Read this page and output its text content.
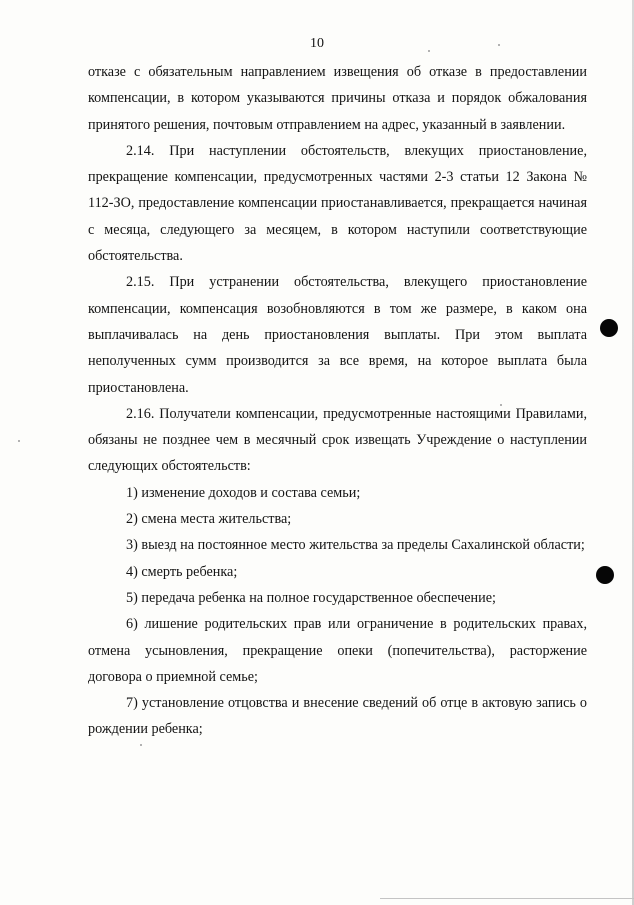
10

отказе с обязательным направлением извещения об отказе в предоставлении компенсации, в котором указываются причины отказа и порядок обжалования принятого решения, почтовым отправлением на адрес, указанный в заявлении.

2.14. При наступлении обстоятельств, влекущих приостановление, прекращение компенсации, предусмотренных частями 2-3 статьи 12 Закона № 112-ЗО, предоставление компенсации приостанавливается, прекращается начиная с месяца, следующего за месяцем, в котором наступили соответствующие обстоятельства.

2.15. При устранении обстоятельства, влекущего приостановление компенсации, компенсация возобновляются в том же размере, в каком она выплачивалась на день приостановления выплаты. При этом выплата неполученных сумм производится за все время, на которое выплата была приостановлена.

2.16. Получатели компенсации, предусмотренные настоящими Правилами, обязаны не позднее чем в месячный срок извещать Учреждение о наступлении следующих обстоятельств:

1) изменение доходов и состава семьи;

2) смена места жительства;

3) выезд на постоянное место жительства за пределы Сахалинской области;

4) смерть ребенка;

5) передача ребенка на полное государственное обеспечение;

6) лишение родительских прав или ограничение в родительских правах, отмена усыновления, прекращение опеки (попечительства), расторжение договора о приемной семье;

7) установление отцовства и внесение сведений об отце в актовую запись о рождении ребенка;
